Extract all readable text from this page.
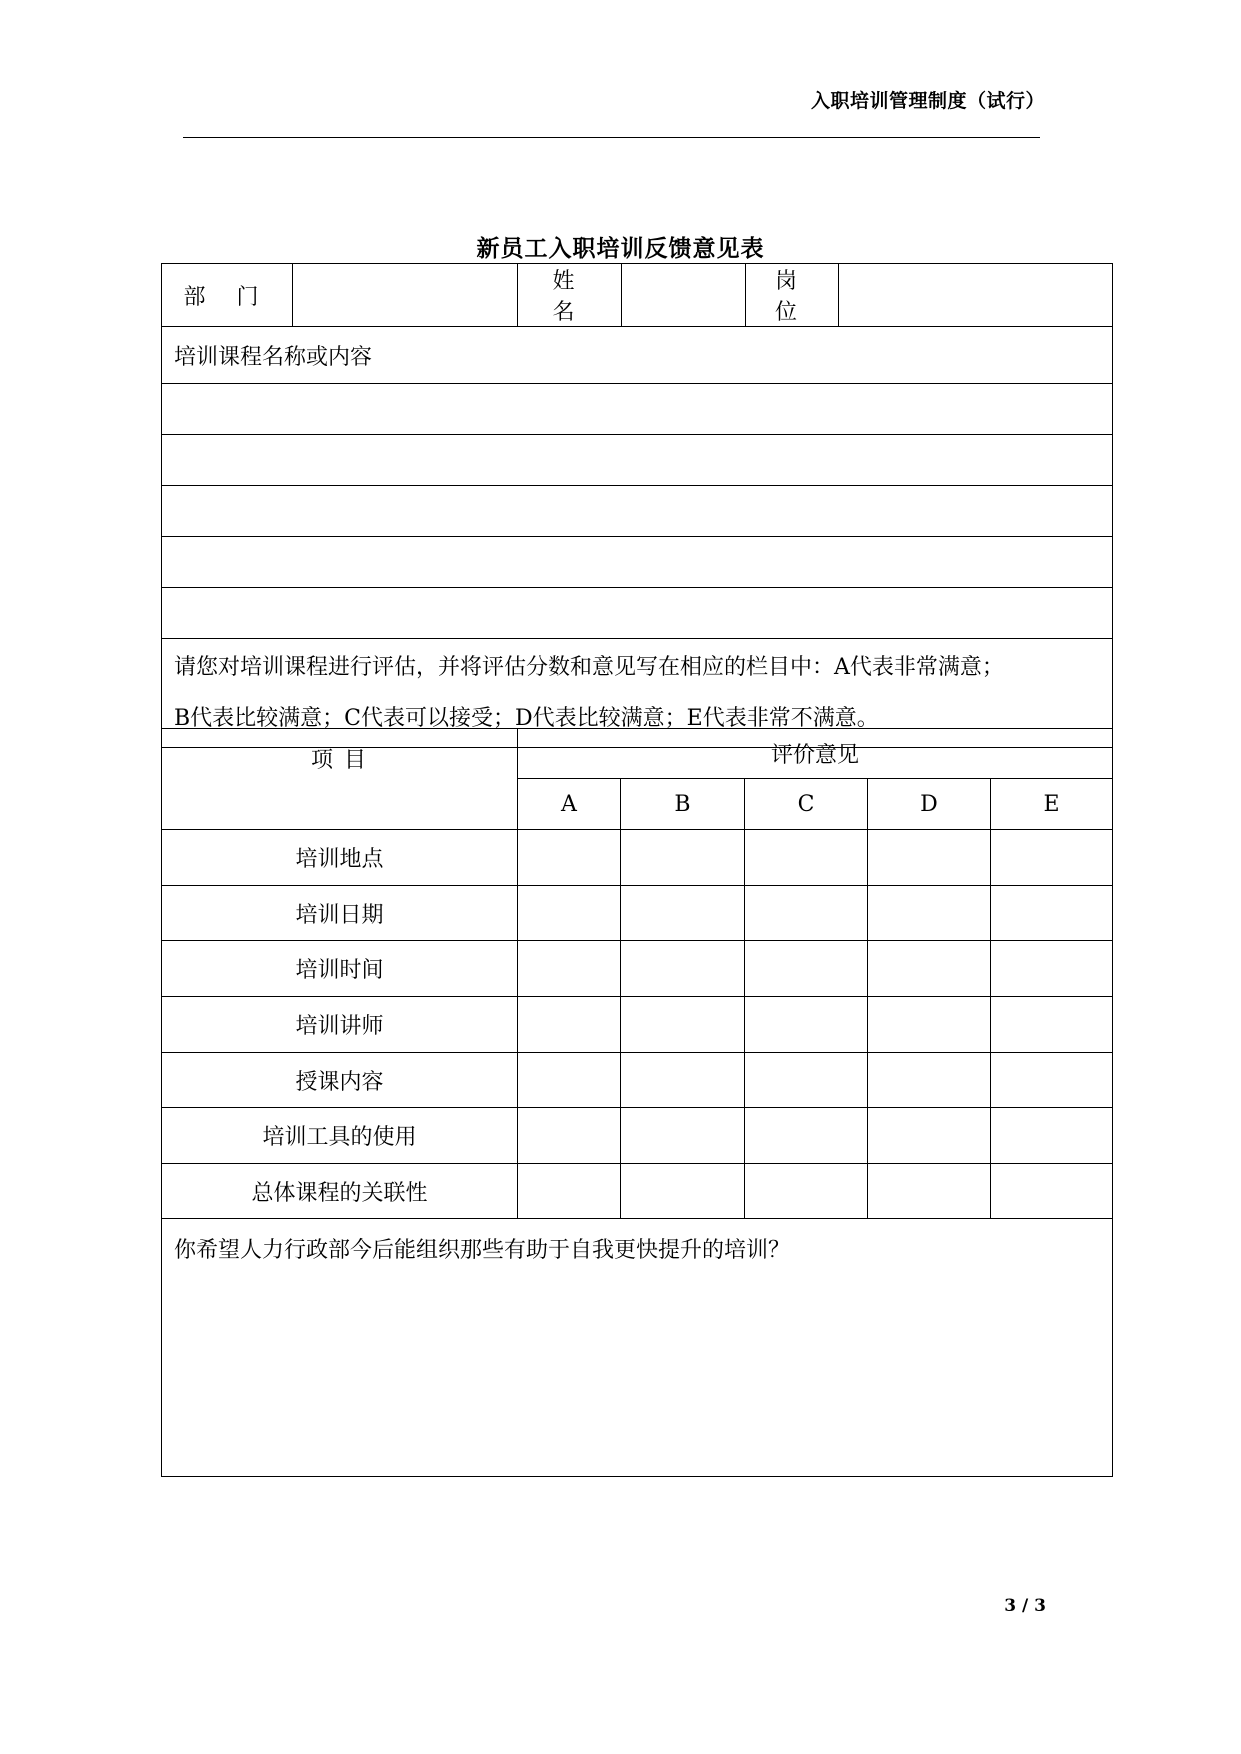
入职培训管理制度（试行）
新员工入职培训反馈意见表
部 门		姓 名		岗 位	
培训课程名称或内容

请您对培训课程进行评估，并将评估分数和意见写在相应的栏目中：A代表非常满意；
B代表比较满意；C代表可以接受；D代表比较满意；E代表非常不满意。
项 目	评价意见				
	A	B	C	D	E
培训地点					
培训日期					
培训时间					
培训讲师					
授课内容					
培训工具的使用					
总体课程的关联性					

你希望人力行政部今后能组织那些有助于自我更快提升的培训？					
3 / 3
